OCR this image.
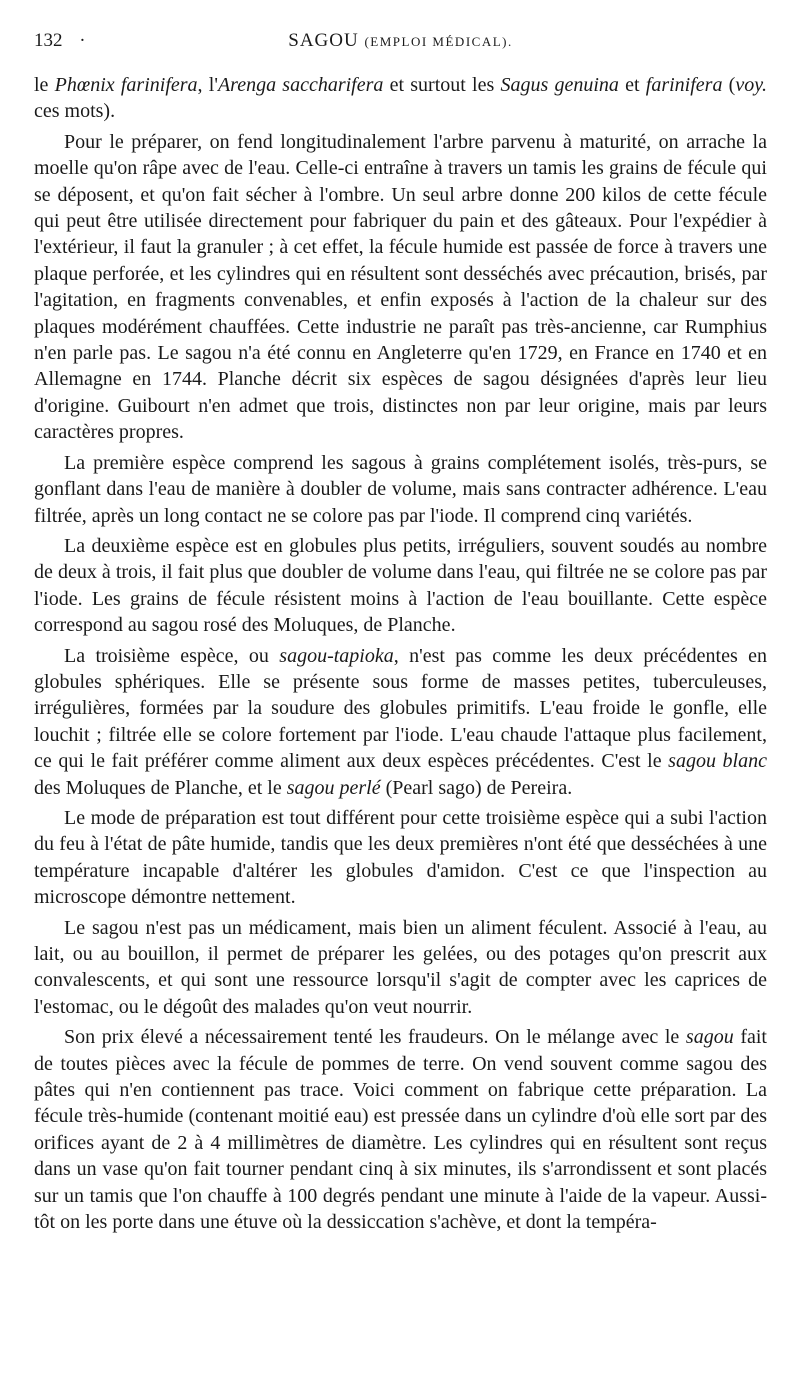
132 ·	SAGOU (EMPLOI MÉDICAL).

le Phœnix farinifera, l'Arenga saccharifera et surtout les Sagus genuina et farinifera (voy. ces mots).

Pour le préparer, on fend longitudinalement l'arbre parvenu à maturité, on arrache la moelle qu'on râpe avec de l'eau. Celle-ci entraîne à travers un tamis les grains de fécule qui se déposent, et qu'on fait sécher à l'ombre. Un seul arbre donne 200 kilos de cette fécule qui peut être utilisée directement pour fabriquer du pain et des gâteaux. Pour l'expédier à l'extérieur, il faut la granuler ; à cet effet, la fécule humide est passée de force à travers une plaque perforée, et les cylindres qui en résultent sont desséchés avec précaution, brisés, par l'agitation, en fragments convenables, et enfin exposés à l'action de la chaleur sur des plaques modérément chauffées. Cette industrie ne paraît pas très-ancienne, car Rumphius n'en parle pas. Le sagou n'a été connu en Angleterre qu'en 1729, en France en 1740 et en Allemagne en 1744. Planche décrit six espèces de sagou désignées d'après leur lieu d'origine. Guibourt n'en admet que trois, distinctes non par leur origine, mais par leurs caractères propres.

La première espèce comprend les sagous à grains complétement isolés, très-purs, se gonflant dans l'eau de manière à doubler de volume, mais sans contracter adhérence. L'eau filtrée, après un long contact ne se colore pas par l'iode. Il comprend cinq variétés.

La deuxième espèce est en globules plus petits, irréguliers, souvent soudés au nombre de deux à trois, il fait plus que doubler de volume dans l'eau, qui filtrée ne se colore pas par l'iode. Les grains de fécule résistent moins à l'action de l'eau bouillante. Cette espèce correspond au sagou rosé des Moluques, de Planche.

La troisième espèce, ou sagou-tapioka, n'est pas comme les deux précédentes en globules sphériques. Elle se présente sous forme de masses petites, tuberculeuses, irrégulières, formées par la soudure des globules primitifs. L'eau froide le gonfle, elle louchit ; filtrée elle se colore fortement par l'iode. L'eau chaude l'attaque plus facilement, ce qui le fait préférer comme aliment aux deux espèces précédentes. C'est le sagou blanc des Moluques de Planche, et le sagou perlé (Pearl sago) de Pereira.

Le mode de préparation est tout différent pour cette troisième espèce qui a subi l'action du feu à l'état de pâte humide, tandis que les deux premières n'ont été que desséchées à une température incapable d'altérer les globules d'amidon. C'est ce que l'inspection au microscope démontre nettement.

Le sagou n'est pas un médicament, mais bien un aliment féculent. Associé à l'eau, au lait, ou au bouillon, il permet de préparer les gelées, ou des potages qu'on prescrit aux convalescents, et qui sont une ressource lorsqu'il s'agit de compter avec les caprices de l'estomac, ou le dégoût des malades qu'on veut nourrir.

Son prix élevé a nécessairement tenté les fraudeurs. On le mélange avec le sagou fait de toutes pièces avec la fécule de pommes de terre. On vend souvent comme sagou des pâtes qui n'en contiennent pas trace. Voici comment on fabrique cette préparation. La fécule très-humide (contenant moitié eau) est pressée dans un cylindre d'où elle sort par des orifices ayant de 2 à 4 millimètres de diamètre. Les cylindres qui en résultent sont reçus dans un vase qu'on fait tourner pendant cinq à six minutes, ils s'arrondissent et sont placés sur un tamis que l'on chauffe à 100 degrés pendant une minute à l'aide de la vapeur. Aussitôt on les porte dans une étuve où la dessiccation s'achève, et dont la tempéra-
